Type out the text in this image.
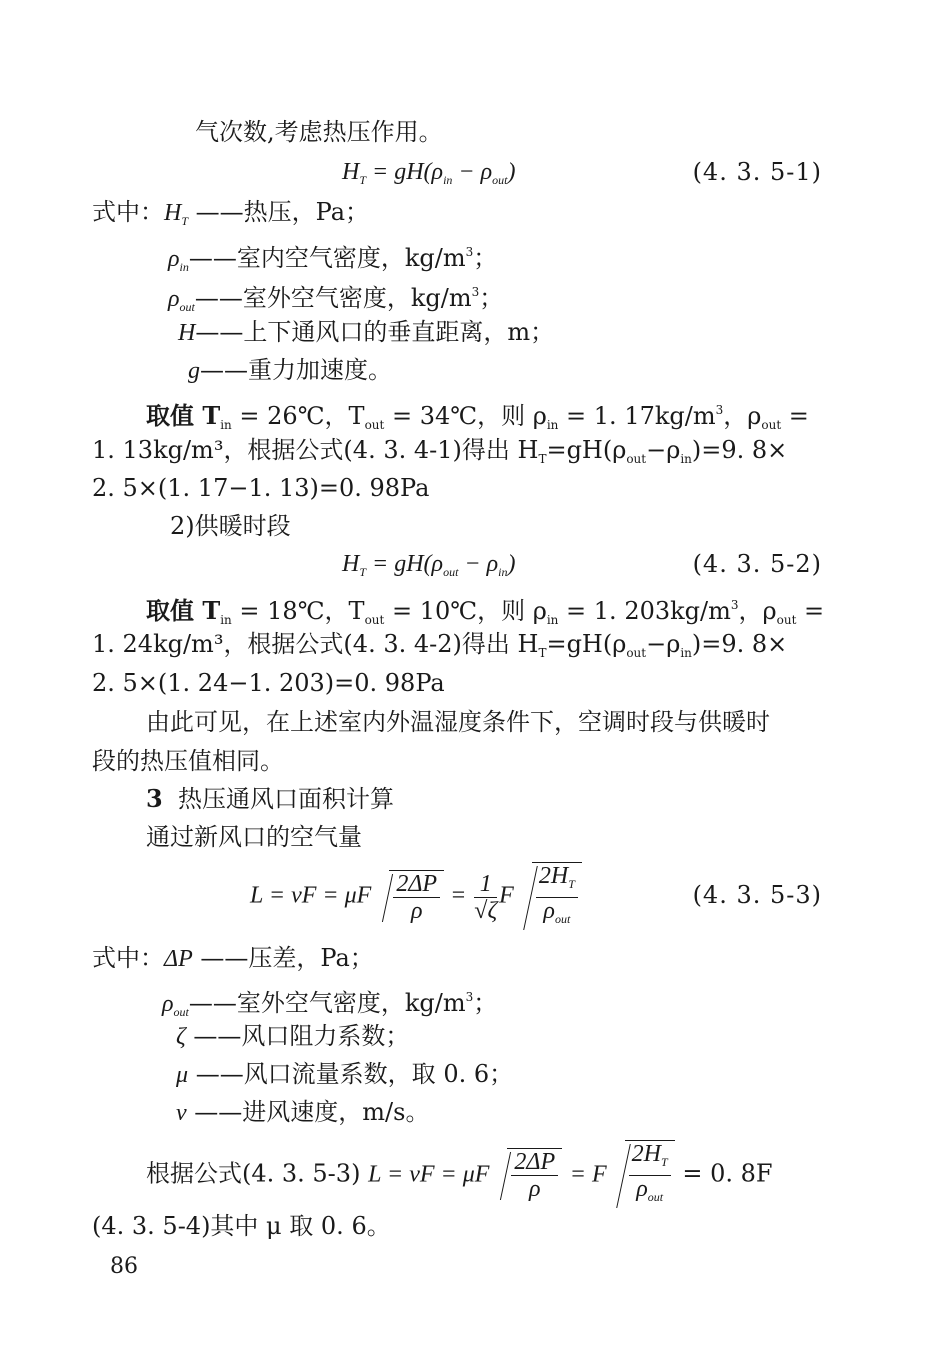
气次数,考虑热压作用。
$H_T = gH(\rho_{in} - \rho_{out})$	(4. 3. 5-1)
式中：$H_T$ ——热压，Pa；
$\rho_{in}——$室内空气密度，$kg/m^3$；
$\rho_{out}——$室外空气密度，$kg/m^3$；
H——上下通风口的垂直距离，m；
g——重力加速度。
取值 $T_{in}$ = 26℃，$T_{out}$ = 34℃，则 $\rho_{in} = 1$. $17kg/m^3$，$\rho_{out}$ =
1. 13kg/m³，根据公式(4. 3. 4-1)得出 $H_T=gH(\rho_{out}-\rho_{in})=9$. 8×
2. 5×(1. 17−1. 13)=0. 98Pa
2)供暖时段
$H_T = gH(\rho_{out} - \rho_{in})$	(4. 3. 5-2)
取值 $T_{in}$ = 18℃，$T_{out}$ = 10℃，则 $\rho_{in} = 1$. $203kg/m^3$，$\rho_{out}$ =
1. 24kg/m³，根据公式(4. 3. 4-2)得出 $H_T=gH(\rho_{out}-\rho_{in})=9$. 8×
2. 5×(1. 24−1. 203)=0. 98Pa
由此可见，在上述室内外温湿度条件下，空调时段与供暖时
段的热压值相同。
3 热压通风口面积计算
通过新风口的空气量
L = νF = μF $\frac{2\Delta P}{\rho} = \frac{1}{√\zeta}$ F $\frac{2H_T}{\rho_{out}}$	(4. 3. 5-3)
式中：ΔP ——压差，Pa；
$\rho_{out}——$室外空气密度，$kg/m^3$；
ζ ——风口阻力系数；
μ ——风口流量系数，取 0. 6；
ν ——进风速度，m/s。
根据公式(4. 3. 5-3) L = νF = μF $\frac{2\Delta P}{\rho} = F \frac{2H_T}{\rho_{out}} = 0$. 8F
(4. 3. 5-4)其中 μ 取 0. 6。
86
